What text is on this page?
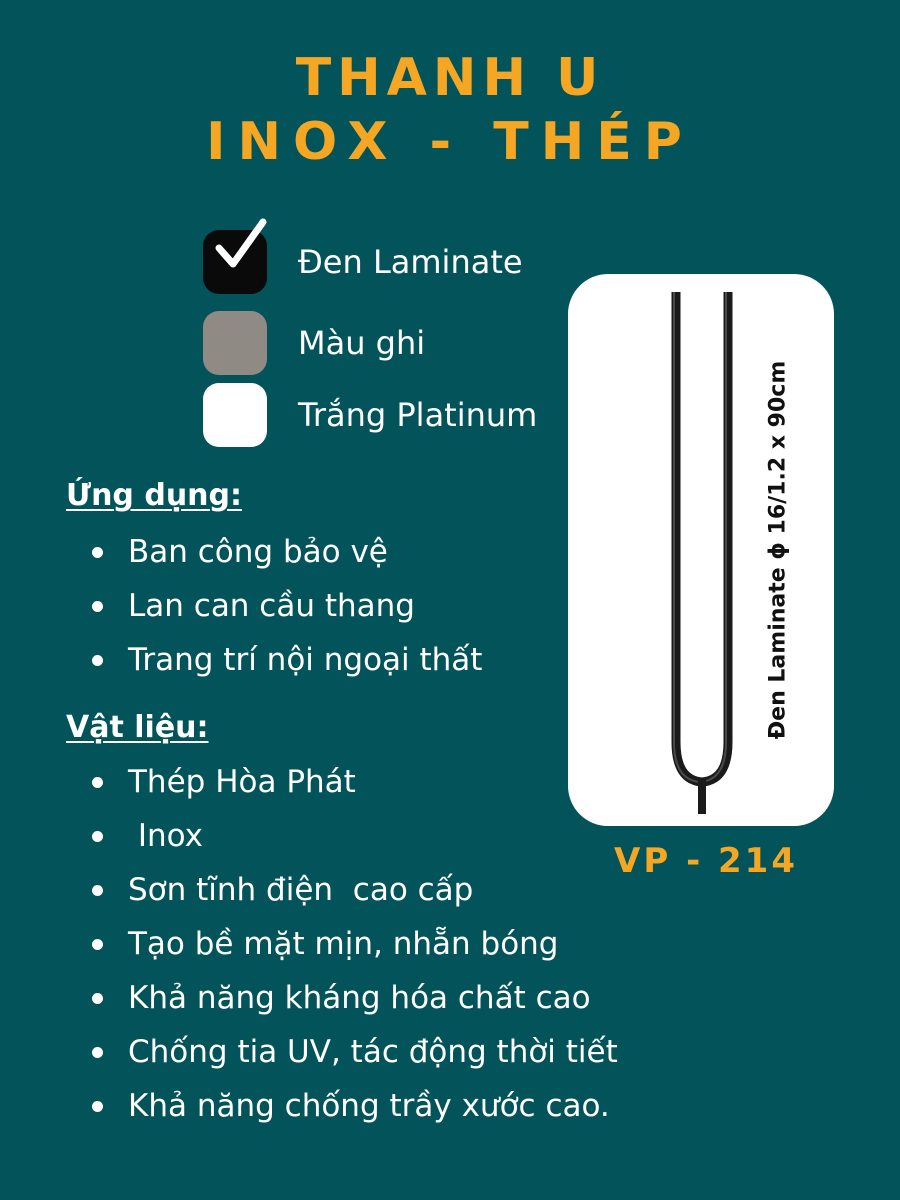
THANH U
INOX - THÉP
Đen Laminate
Màu ghi
Trắng Platinum
Ứng dụng:
Ban công bảo vệ
Lan can cầu thang
Trang trí nội ngoại thất
Vật liệu:
Thép Hòa Phát
Inox
Sơn tĩnh điện  cao cấp
Tạo bề mặt mịn, nhẵn bóng
Khả năng kháng hóa chất cao
Chống tia UV, tác động thời tiết
Khả năng chống trầy xước cao.
Đen Laminate ϕ 16/1.2 x 90cm

VP - 214
